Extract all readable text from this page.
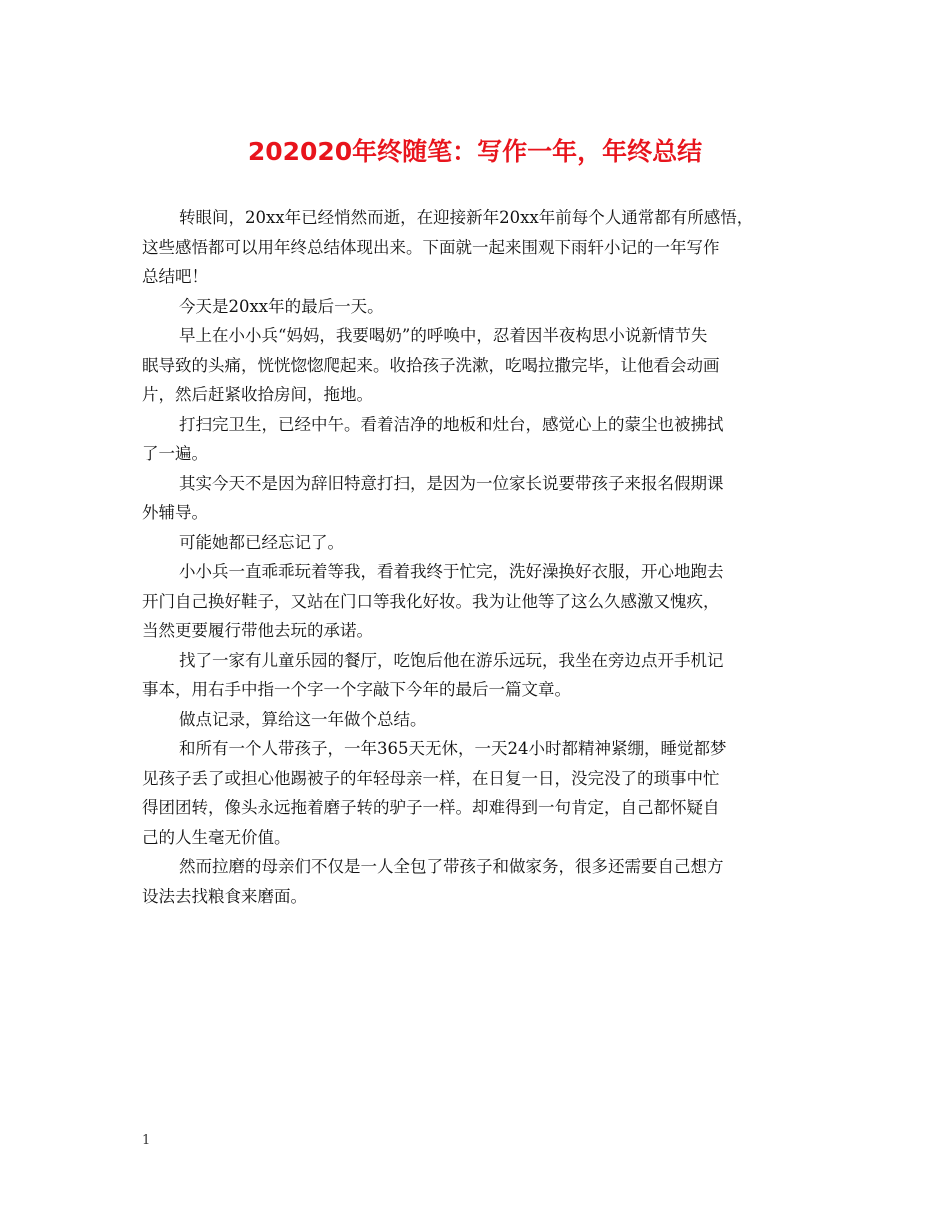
202020年终随笔：写作一年，年终总结
转眼间，20xx年已经悄然而逝，在迎接新年20xx年前每个人通常都有所感悟，
这些感悟都可以用年终总结体现出来。下面就一起来围观下雨轩小记的一年写作
总结吧！
今天是20xx年的最后一天。
早上在小小兵“妈妈，我要喝奶”的呼唤中，忍着因半夜构思小说新情节失
眠导致的头痛，恍恍惚惚爬起来。收拾孩子洗漱，吃喝拉撒完毕，让他看会动画
片，然后赶紧收拾房间，拖地。
打扫完卫生，已经中午。看着洁净的地板和灶台，感觉心上的蒙尘也被拂拭
了一遍。
其实今天不是因为辞旧特意打扫，是因为一位家长说要带孩子来报名假期课
外辅导。
可能她都已经忘记了。
小小兵一直乖乖玩着等我，看着我终于忙完，洗好澡换好衣服，开心地跑去
开门自己换好鞋子，又站在门口等我化好妆。我为让他等了这么久感激又愧疚，
当然更要履行带他去玩的承诺。
找了一家有儿童乐园的餐厅，吃饱后他在游乐远玩，我坐在旁边点开手机记
事本，用右手中指一个字一个字敲下今年的最后一篇文章。
做点记录，算给这一年做个总结。
和所有一个人带孩子，一年365天无休，一天24小时都精神紧绷，睡觉都梦
见孩子丢了或担心他踢被子的年轻母亲一样，在日复一日，没完没了的琐事中忙
得团团转，像头永远拖着磨子转的驴子一样。却难得到一句肯定，自己都怀疑自
己的人生毫无价值。
然而拉磨的母亲们不仅是一人全包了带孩子和做家务，很多还需要自己想方
设法去找粮食来磨面。
1
